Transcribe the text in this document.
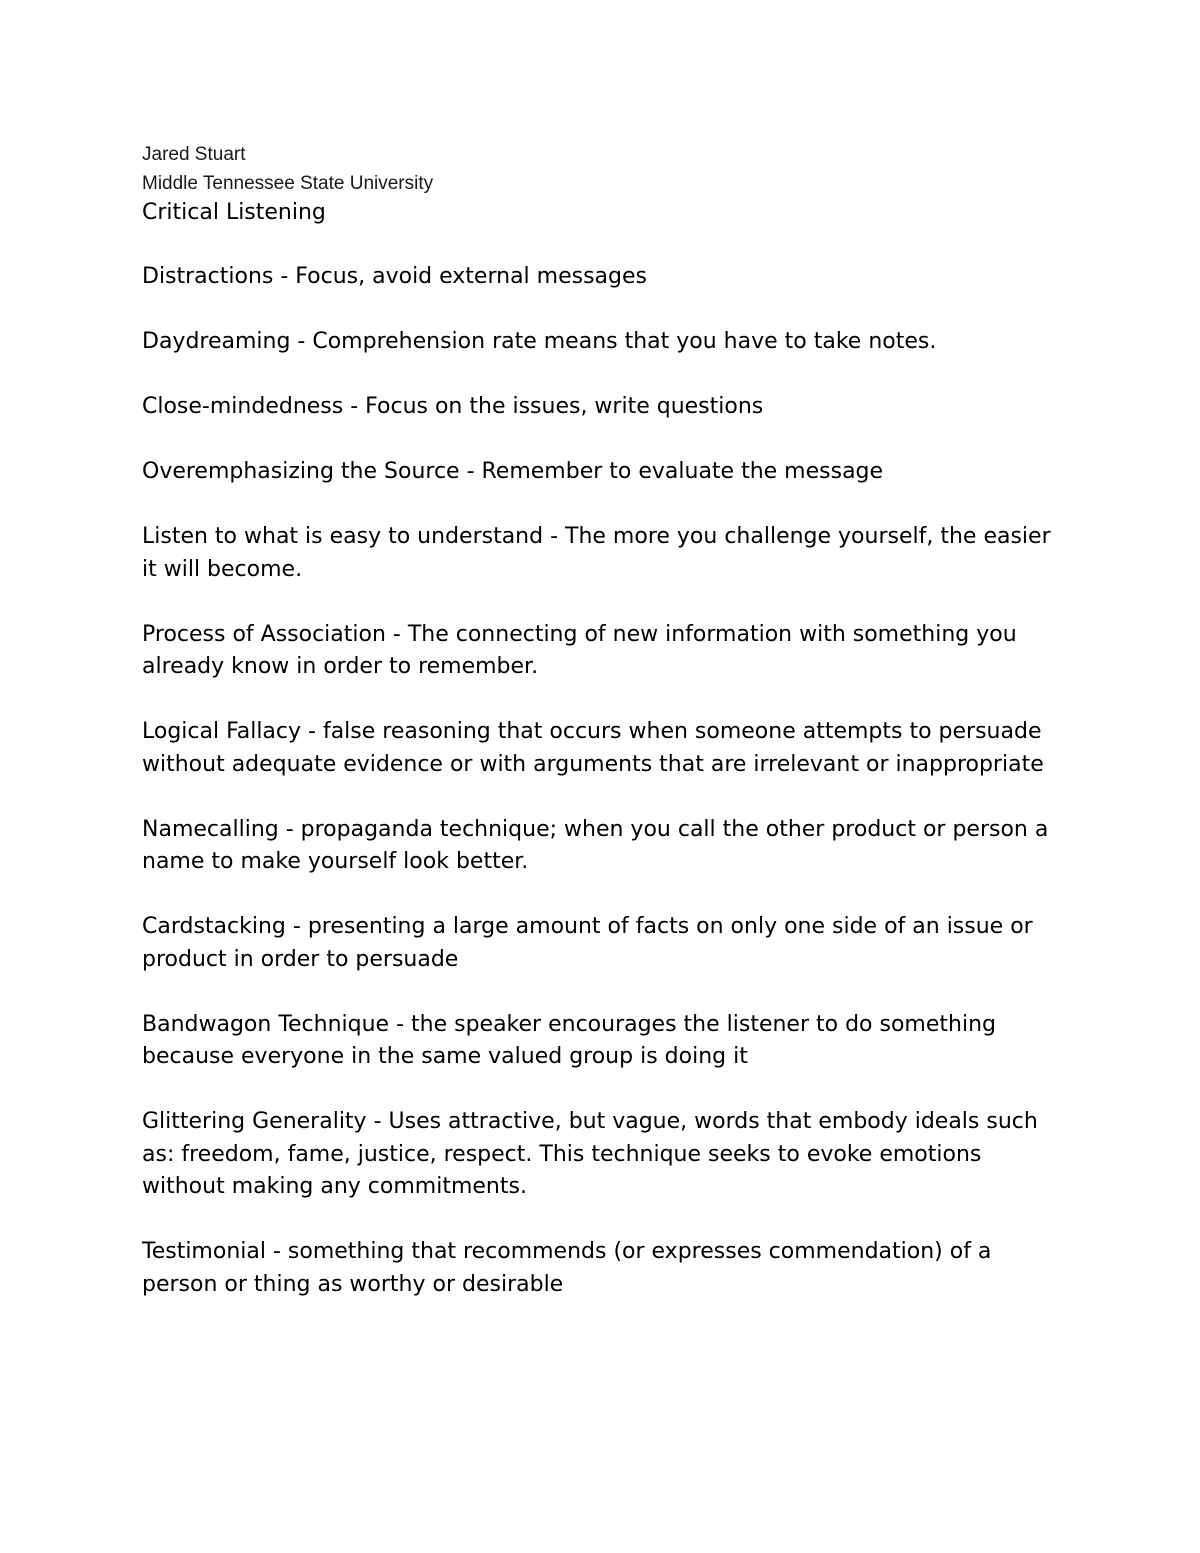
Jared Stuart
Middle Tennessee State University
Critical Listening

Distractions - Focus, avoid external messages

Daydreaming - Comprehension rate means that you have to take notes.

Close-mindedness - Focus on the issues, write questions

Overemphasizing the Source - Remember to evaluate the message

Listen to what is easy to understand - The more you challenge yourself, the easier it will become.

Process of Association - The connecting of new information with something you already know in order to remember.

Logical Fallacy - false reasoning that occurs when someone attempts to persuade without adequate evidence or with arguments that are irrelevant or inappropriate

Namecalling - propaganda technique; when you call the other product or person a name to make yourself look better.

Cardstacking - presenting a large amount of facts on only one side of an issue or product in order to persuade

Bandwagon Technique - the speaker encourages the listener to do something because everyone in the same valued group is doing it

Glittering Generality - Uses attractive, but vague, words that embody ideals such as: freedom, fame, justice, respect. This technique seeks to evoke emotions without making any commitments.

Testimonial - something that recommends (or expresses commendation) of a person or thing as worthy or desirable
